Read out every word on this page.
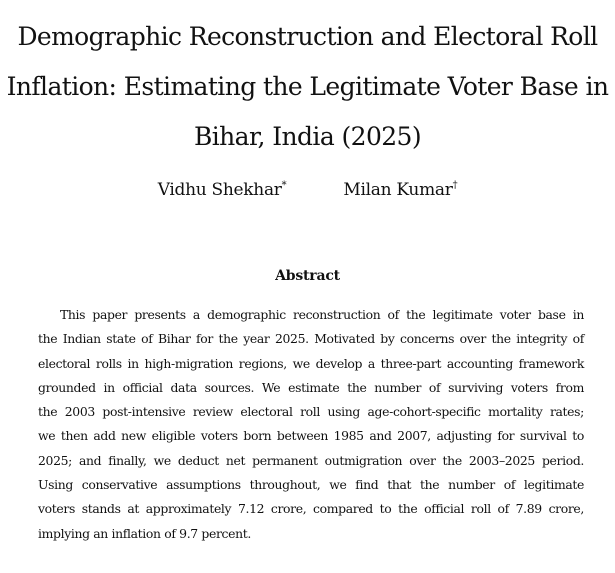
Demographic Reconstruction and Electoral Roll
Inflation: Estimating the Legitimate Voter Base in
Bihar, India (2025)
Vidhu Shekhar*	Milan Kumar†
Abstract
This paper presents a demographic reconstruction of the legitimate voter base in
the Indian state of Bihar for the year 2025. Motivated by concerns over the integrity of
electoral rolls in high-migration regions, we develop a three-part accounting framework
grounded in official data sources. We estimate the number of surviving voters from
the 2003 post-intensive review electoral roll using age-cohort-specific mortality rates;
we then add new eligible voters born between 1985 and 2007, adjusting for survival to
2025; and finally, we deduct net permanent outmigration over the 2003–2025 period.
Using conservative assumptions throughout, we find that the number of legitimate
voters stands at approximately 7.12 crore, compared to the official roll of 7.89 crore,
implying an inflation of 9.7 percent.
